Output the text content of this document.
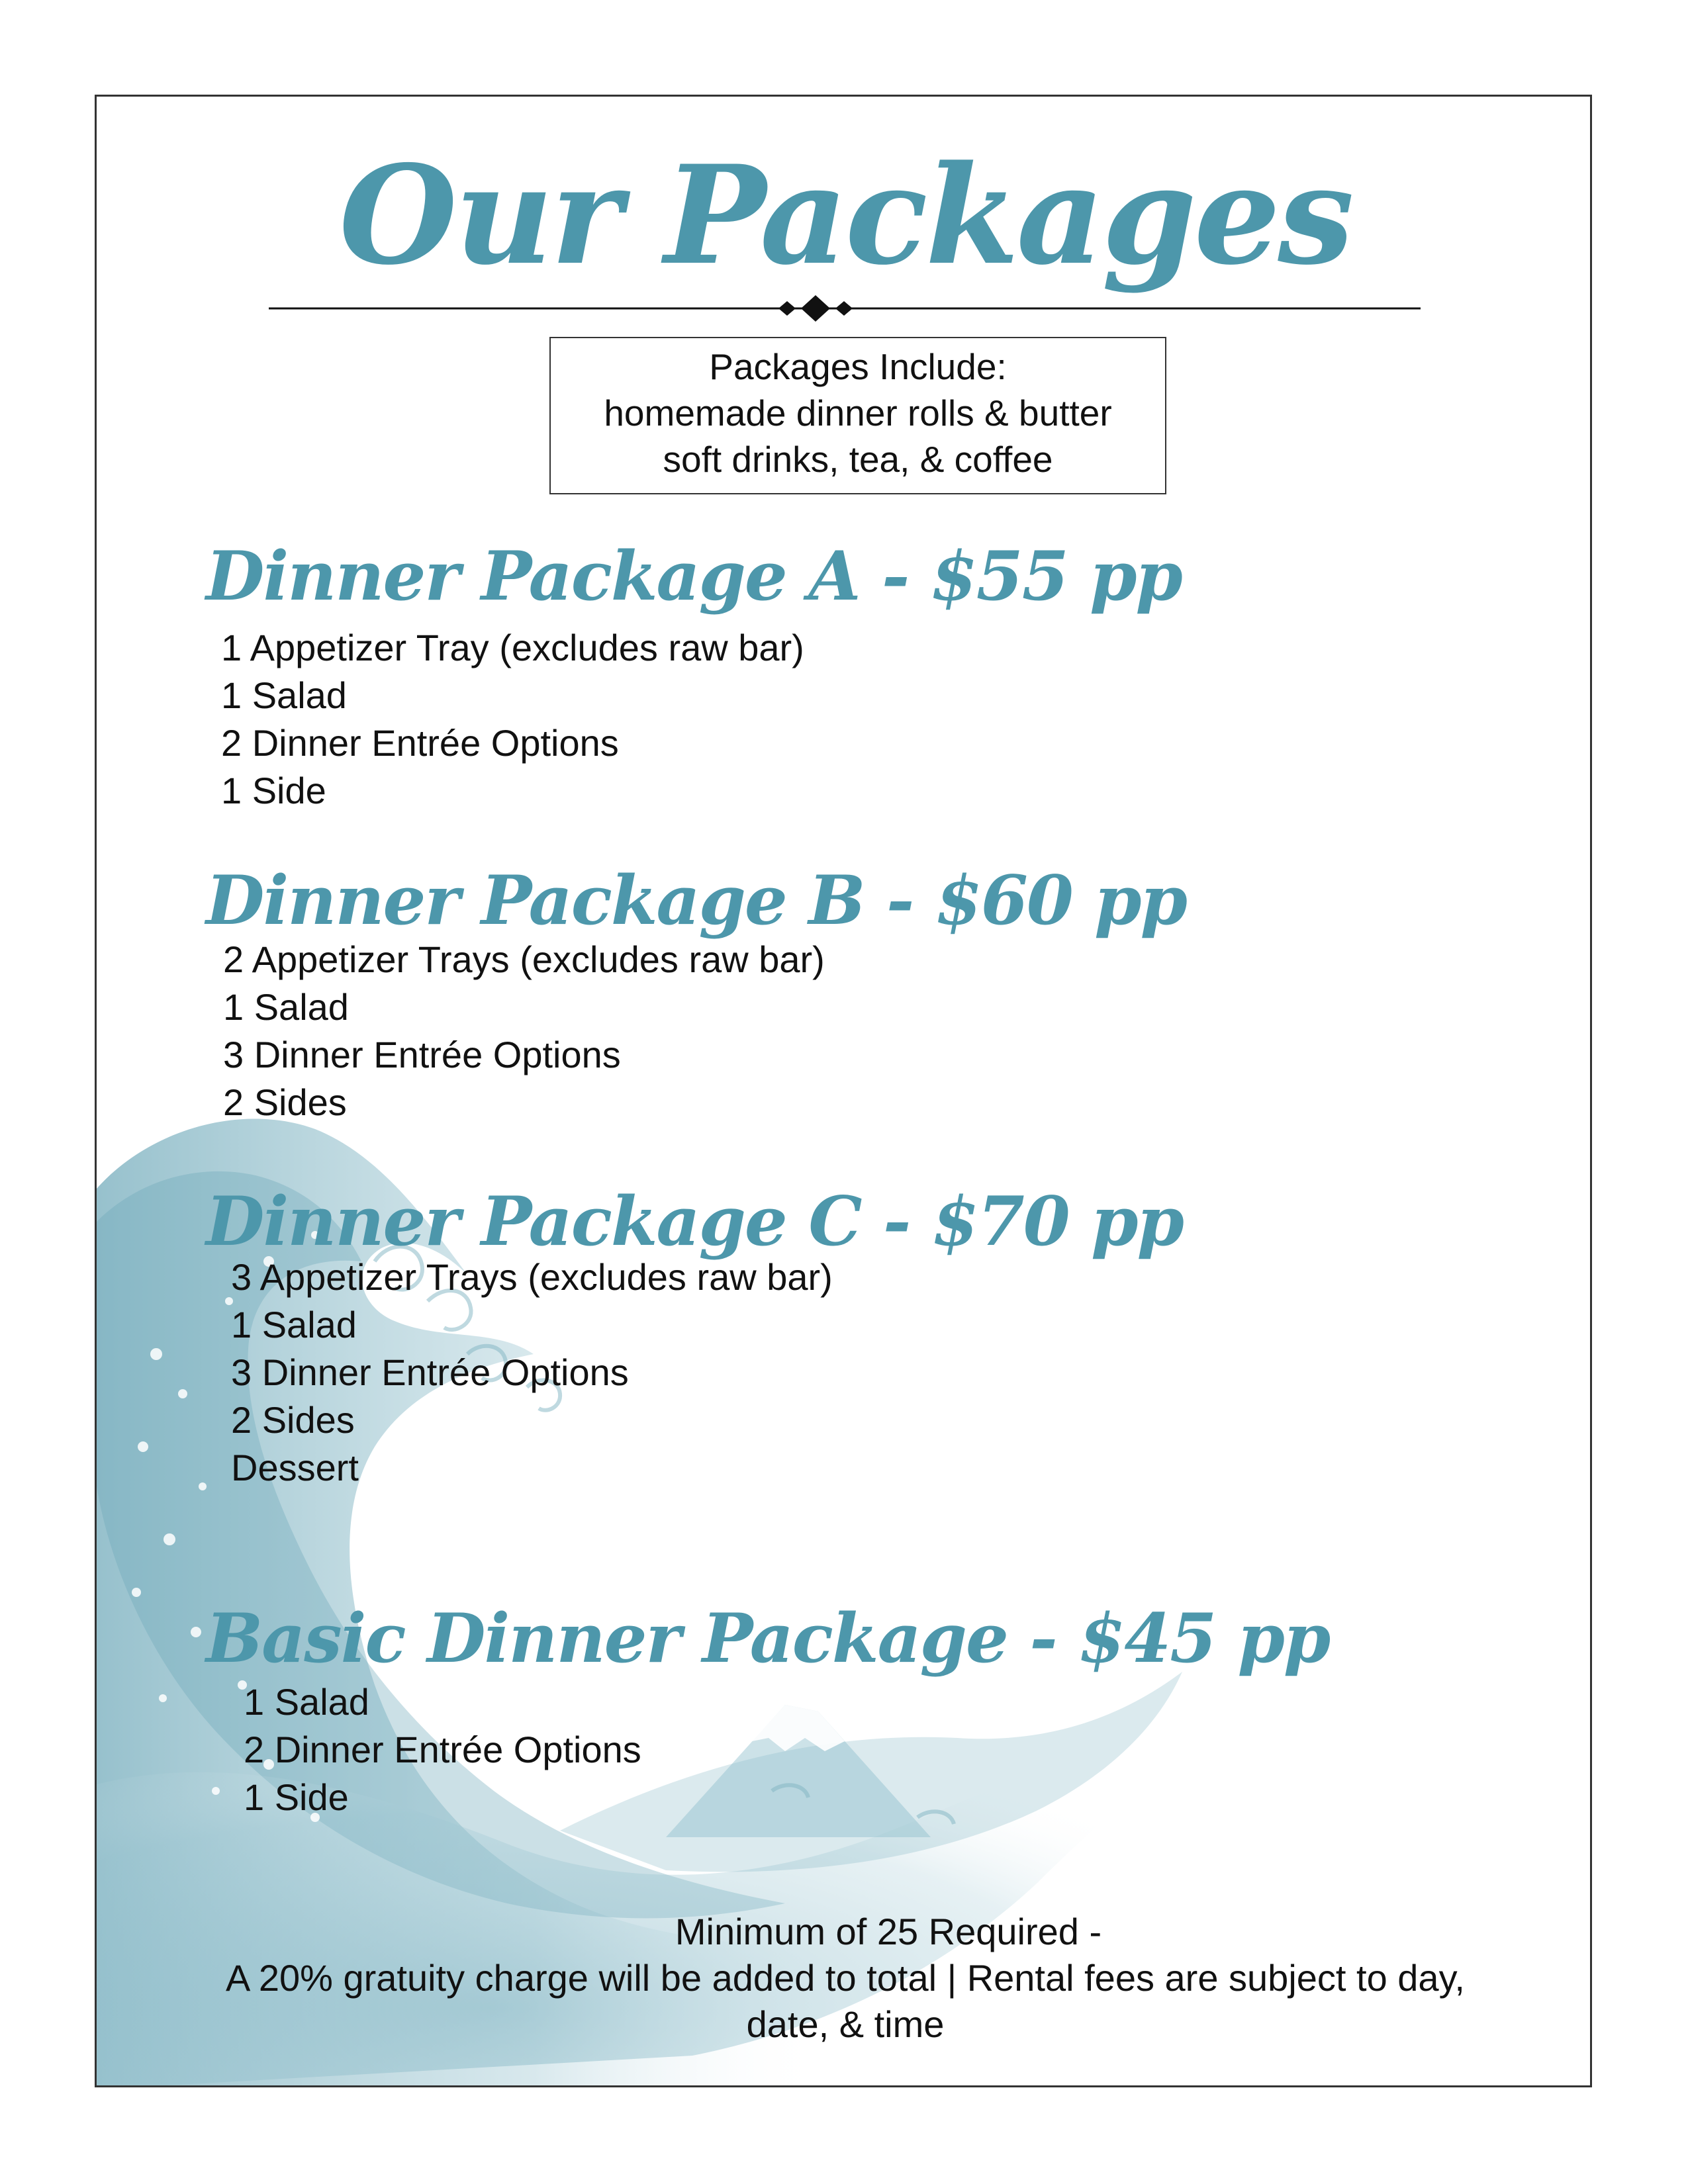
Our Packages
Packages Include:
homemade dinner rolls & butter
soft drinks, tea, & coffee
Dinner Package A - $55 pp
1 Appetizer Tray (excludes raw bar)
1 Salad
2 Dinner Entrée Options
1 Side
Dinner Package B - $60 pp
2 Appetizer Trays (excludes raw bar)
1 Salad
3 Dinner Entrée Options
2 Sides
Dinner Package C - $70 pp
3 Appetizer Trays (excludes raw bar)
1 Salad
3 Dinner Entrée Options
2 Sides
Dessert
Basic Dinner Package - $45 pp
1 Salad
2 Dinner Entrée Options
1 Side
Minimum of 25 Required -
A 20% gratuity charge will be added to total | Rental fees are subject to day,
date, & time
